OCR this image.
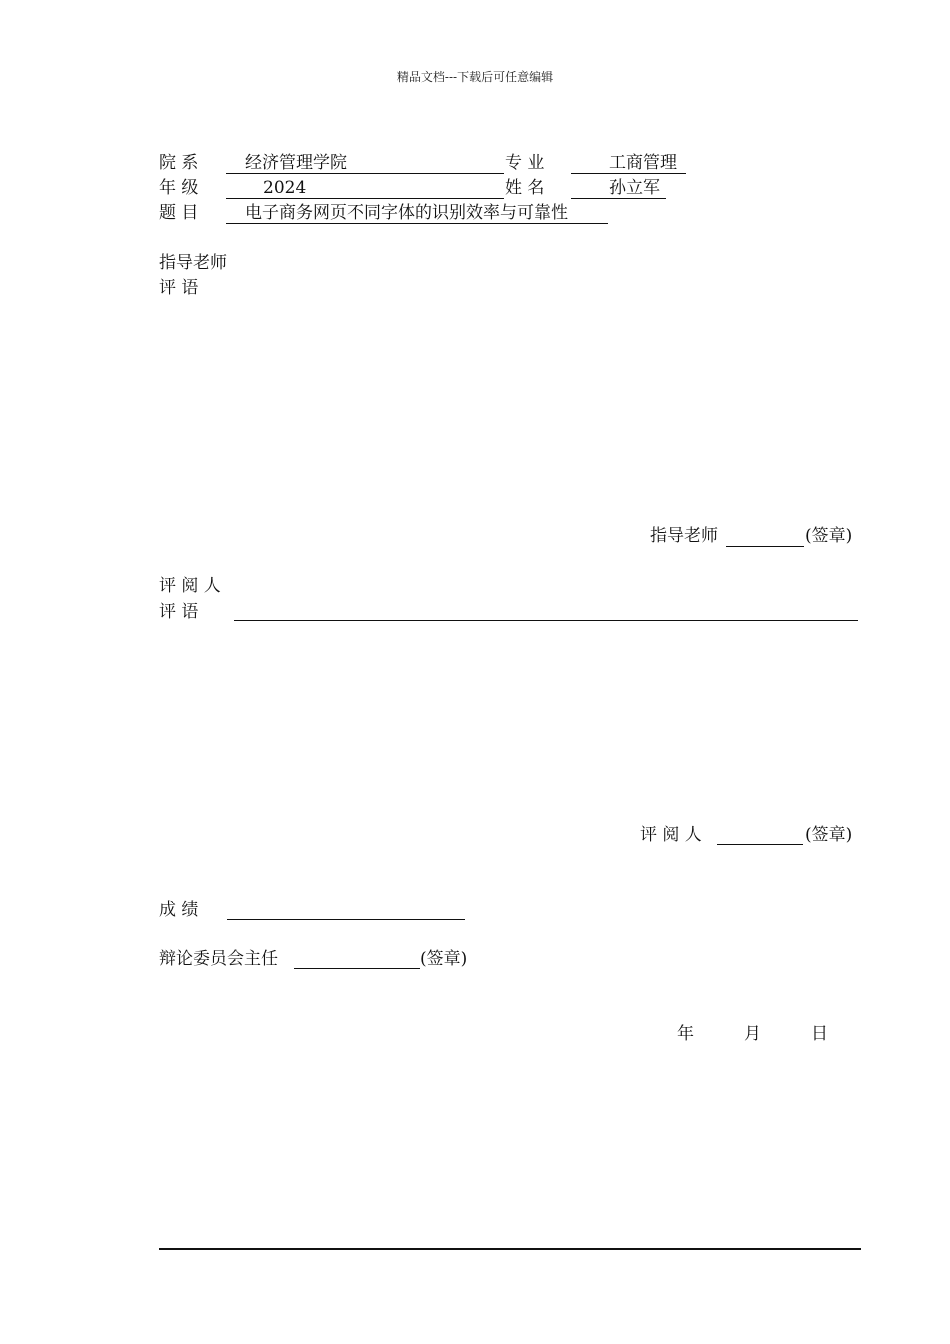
精品文档---下载后可任意编辑
院 系	经济管理学院	专 业	工商管理
年 级	2024	姓 名	孙立军
题 目	电子商务网页不同字体的识别效率与可靠性
指导老师
评 语
指导老师	(签章)
评 阅 人
评 语
评 阅 人	(签章)
成 绩
辩论委员会主任	(签章)
年	月	日
